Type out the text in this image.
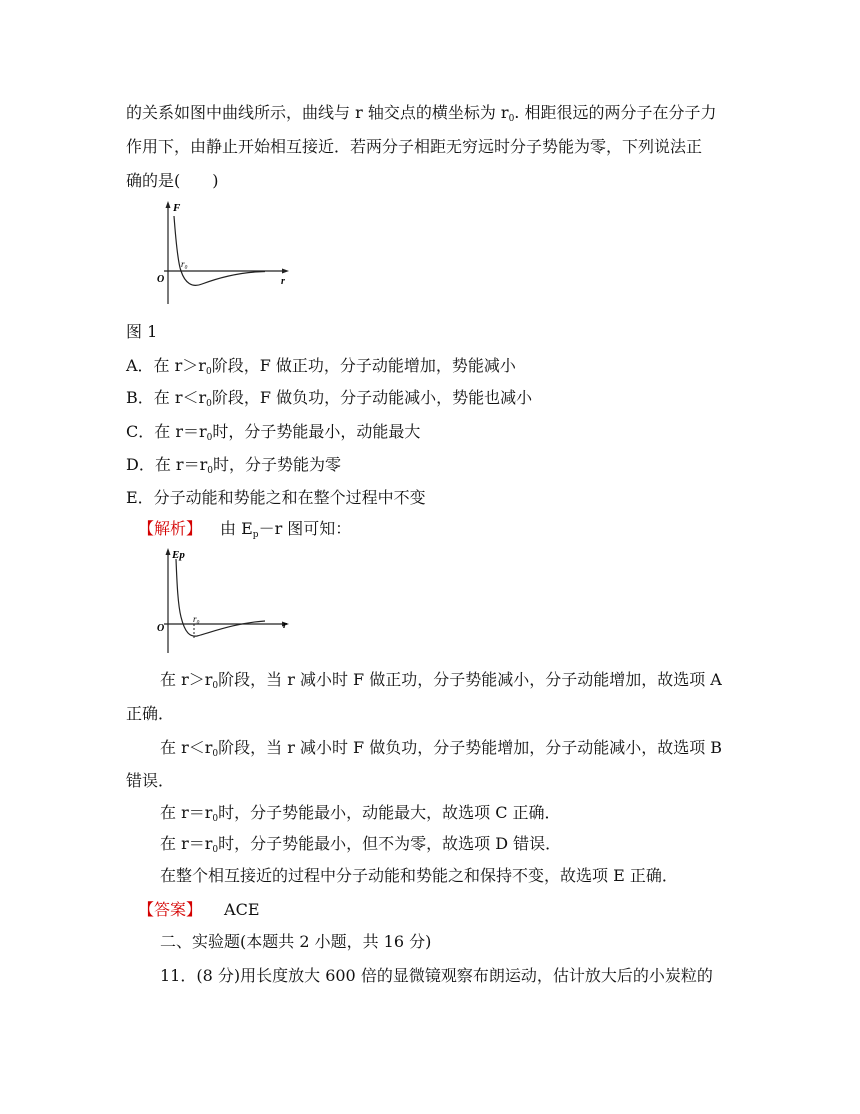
的关系如图中曲线所示，曲线与 r 轴交点的横坐标为 $r_0$. 相距很远的两分子在分子力
作用下，由静止开始相互接近．若两分子相距无穷远时分子势能为零，下列说法正
确的是(　　)
F
r
O
r₀
图 1
A．在 $r>r_0$阶段，F 做正功，分子动能增加，势能减小
B．在 $r<r_0$阶段，F 做负功，分子动能减小，势能也减小
C．在 $r=r_0$时，分子势能最小，动能最大
D．在 $r=r_0$时，分子势能为零
E．分子动能和势能之和在整个过程中不变
【解析】 由 $E_p-r$ 图可知：
Ep
r
O
r₀
在 $r>r_0$阶段，当 r 减小时 F 做正功，分子势能减小，分子动能增加，故选项 A
正确．
在 $r<r_0$阶段，当 r 减小时 F 做负功，分子势能增加，分子动能减小，故选项 B
错误．
在 $r=r_0$时，分子势能最小，动能最大，故选项 C 正确．
在 $r=r_0$时，分子势能最小，但不为零，故选项 D 错误．
在整个相互接近的过程中分子动能和势能之和保持不变，故选项 E 正确．
【答案】 ACE
二、实验题(本题共 2 小题，共 16 分)
11．(8 分)用长度放大 600 倍的显微镜观察布朗运动，估计放大后的小炭粒的
